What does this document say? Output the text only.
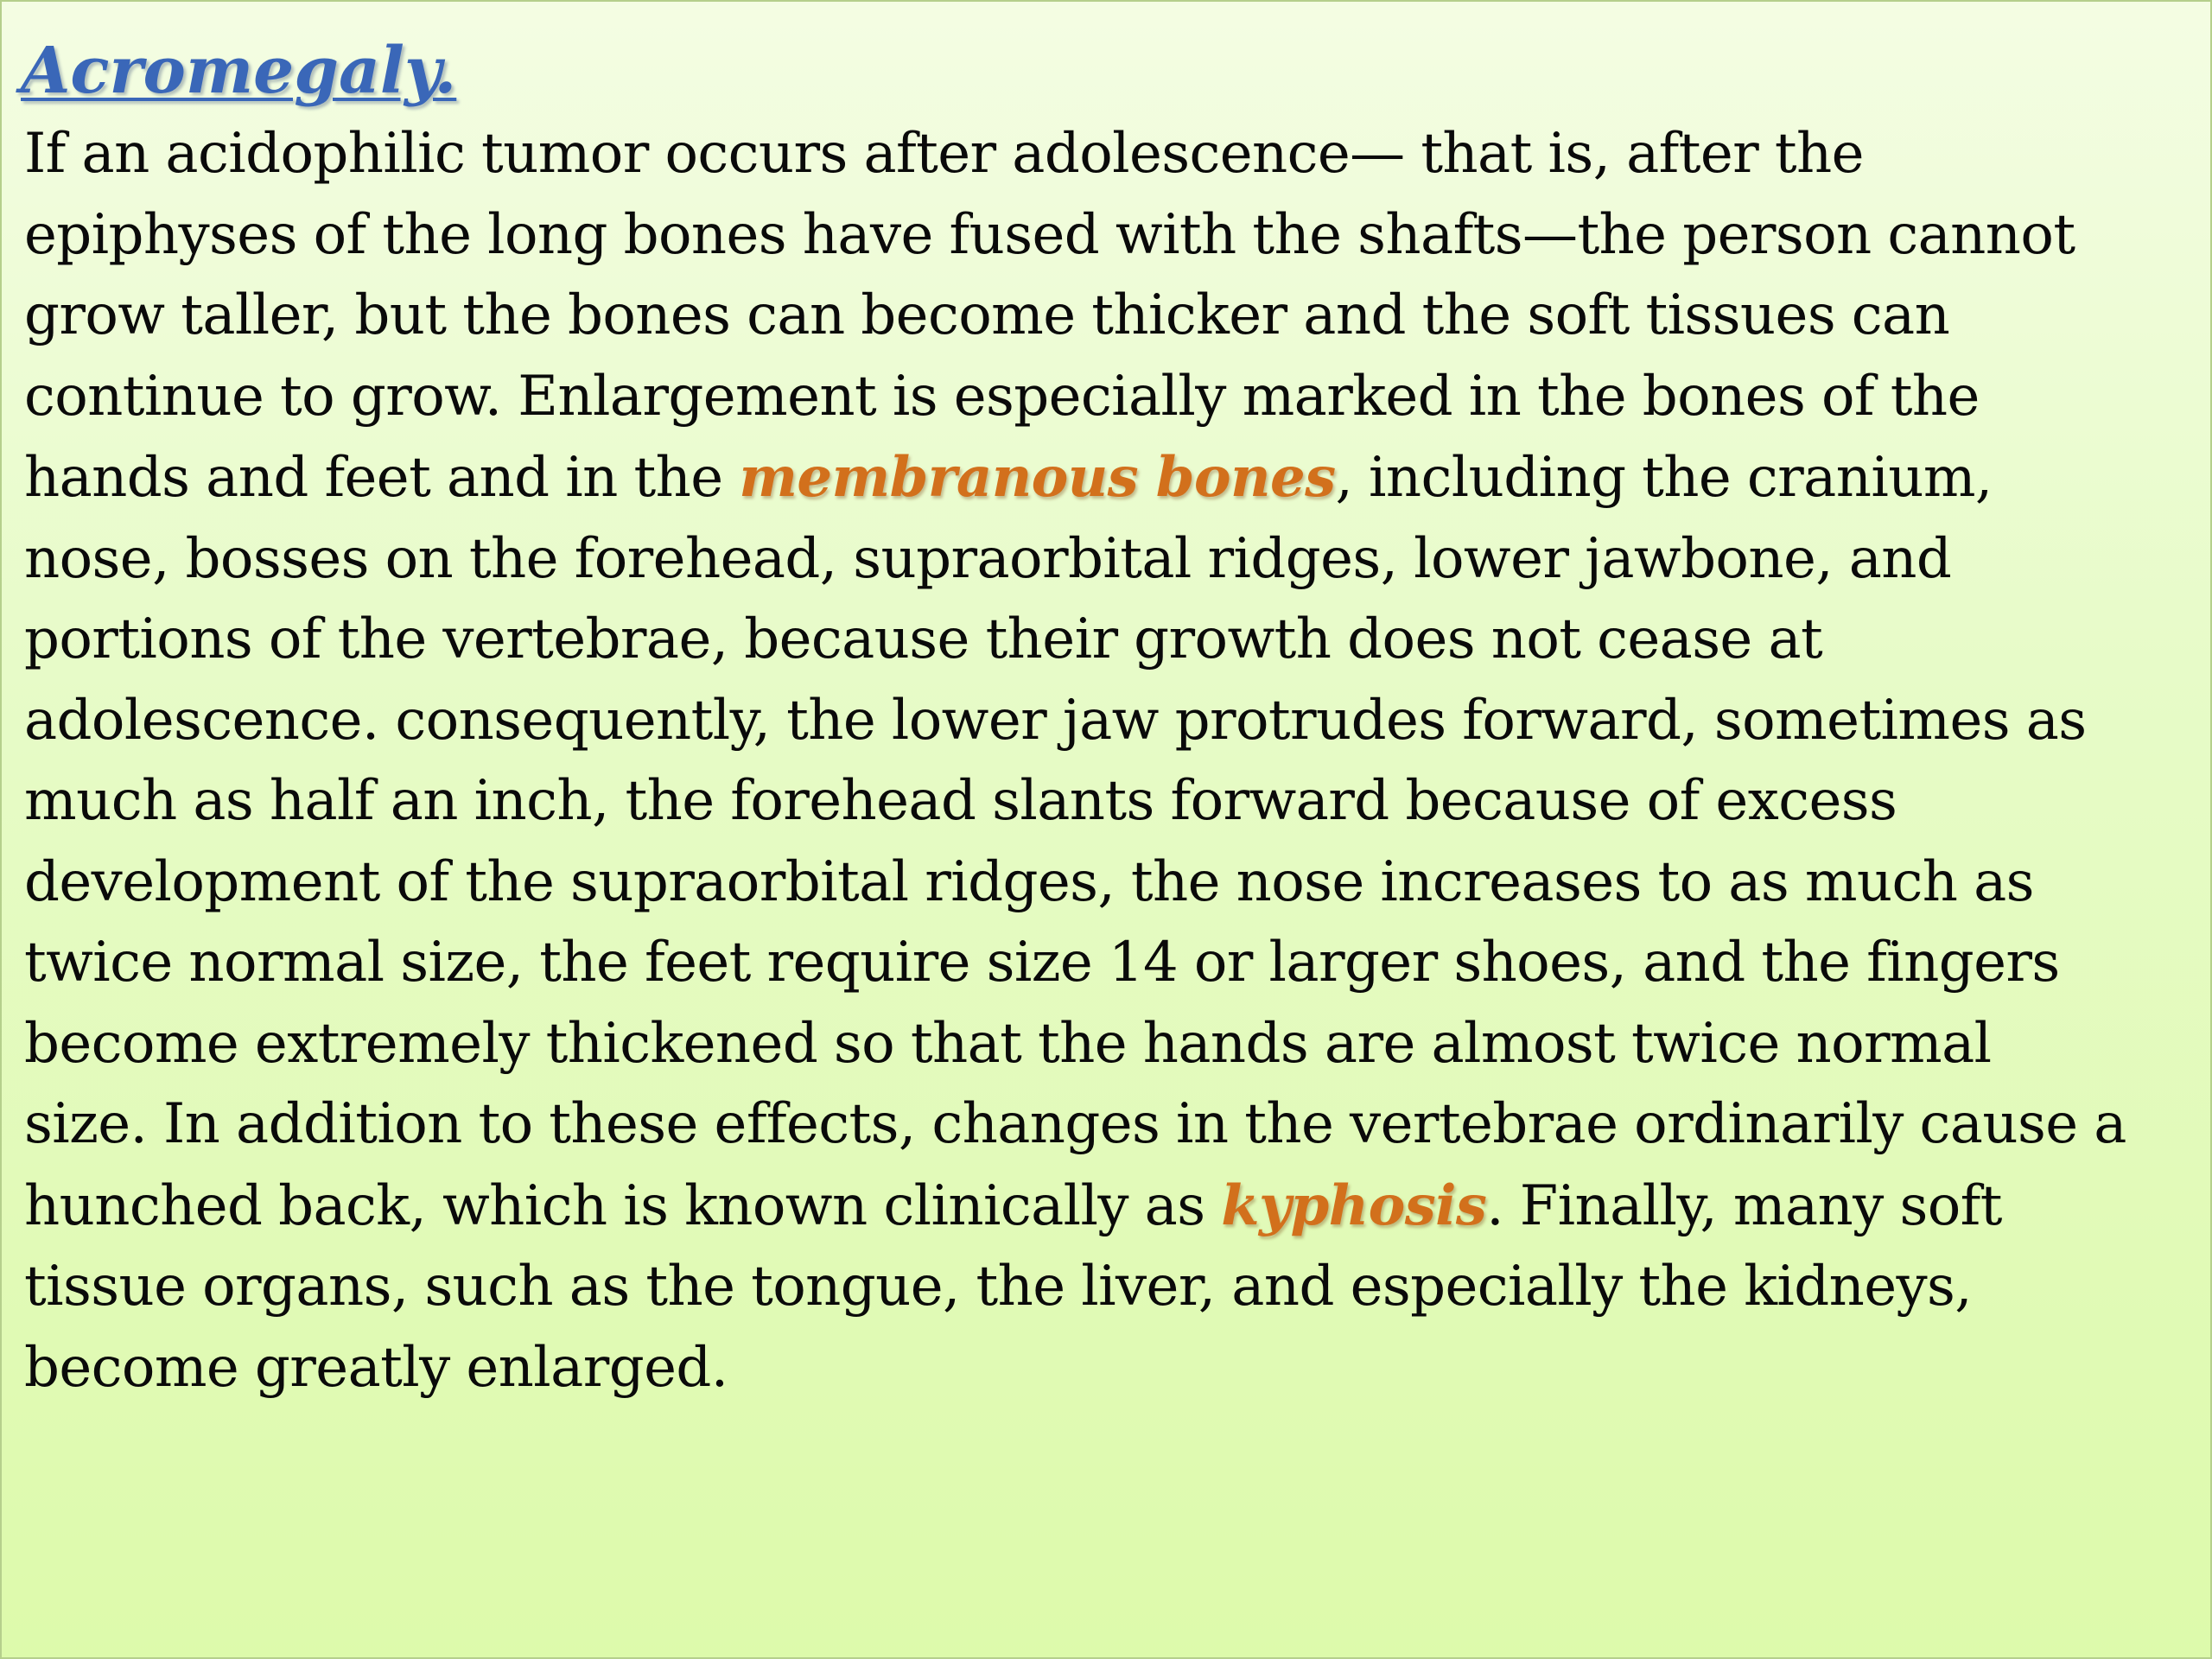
Acromegaly.
If an acidophilic tumor occurs after adolescence— that is, after the
epiphyses of the long bones have fused with the shafts—the person cannot
grow taller, but the bones can become thicker and the soft tissues can
continue to grow. Enlargement is especially marked in the bones of the
hands and feet and in the membranous bones, including the cranium,
nose, bosses on the forehead, supraorbital ridges, lower jawbone, and
portions of the vertebrae, because their growth does not cease at
adolescence. consequently, the lower jaw protrudes forward, sometimes as
much as half an inch, the forehead slants forward because of excess
development of the supraorbital ridges, the nose increases to as much as
twice normal size, the feet require size 14 or larger shoes, and the fingers
become extremely thickened so that the hands are almost twice normal
size. In addition to these effects, changes in the vertebrae ordinarily cause a
hunched back, which is known clinically as kyphosis. Finally, many soft
tissue organs, such as the tongue, the liver, and especially the kidneys,
become greatly enlarged.
